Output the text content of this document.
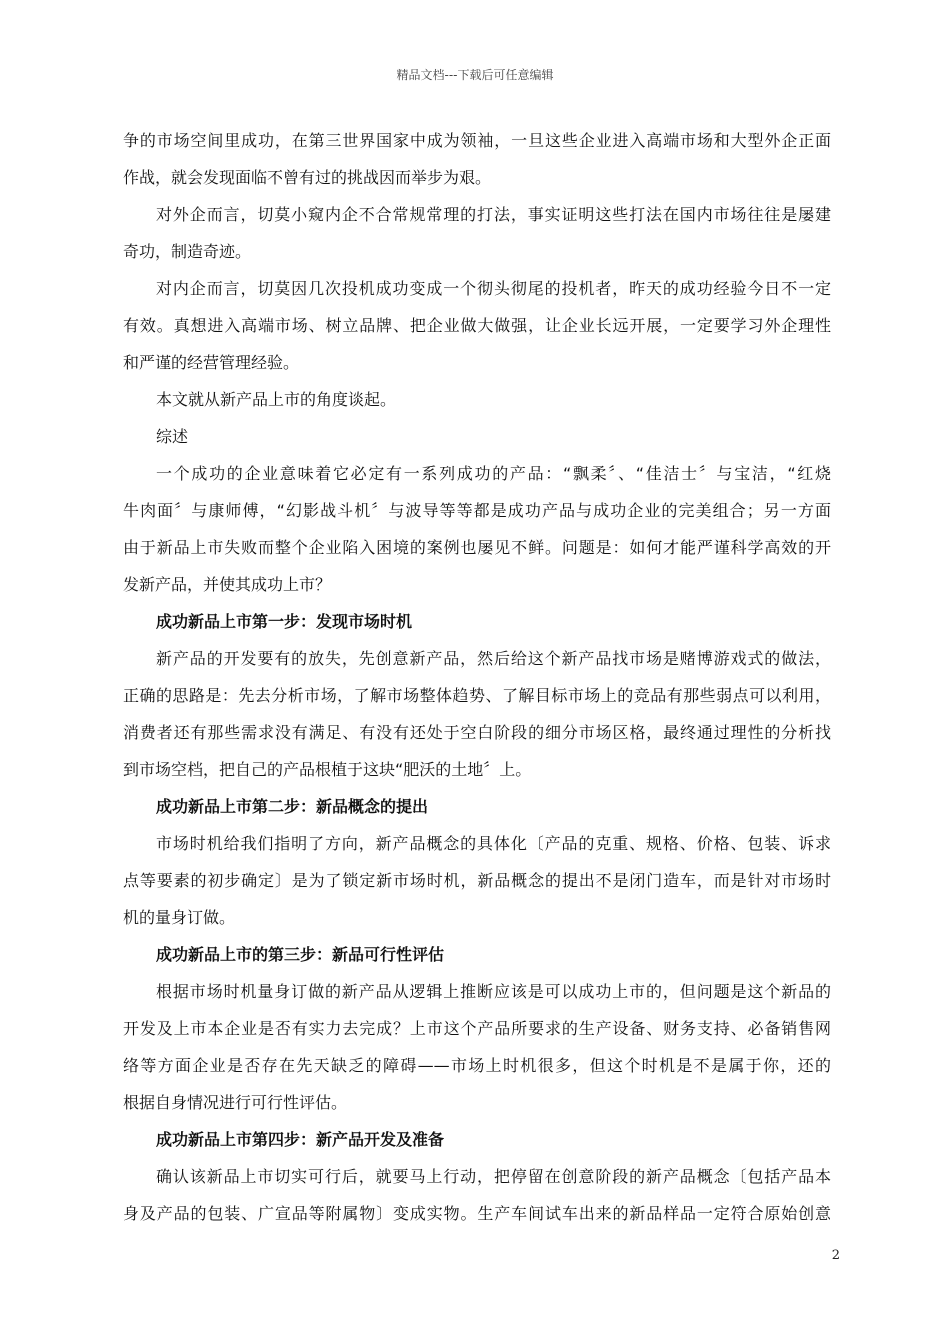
精品文档---下载后可任意编辑
争的市场空间里成功，在第三世界国家中成为领袖，一旦这些企业进入高端市场和大型外企正面
作战，就会发现面临不曾有过的挑战因而举步为艰。
对外企而言，切莫小窥内企不合常规常理的打法，事实证明这些打法在国内市场往往是屡建
奇功，制造奇迹。
对内企而言，切莫因几次投机成功变成一个彻头彻尾的投机者，昨天的成功经验今日不一定
有效。真想进入高端市场、树立品牌、把企业做大做强，让企业长远开展，一定要学习外企理性
和严谨的经营管理经验。
本文就从新产品上市的角度谈起。
综述
一个成功的企业意味着它必定有一系列成功的产品：“飘柔〞、“佳洁士〞与宝洁，“红烧
牛肉面〞与康师傅，“幻影战斗机〞与波导等等都是成功产品与成功企业的完美组合；另一方面
由于新品上市失败而整个企业陷入困境的案例也屡见不鲜。问题是：如何才能严谨科学高效的开
发新产品，并使其成功上市？
成功新品上市第一步：发现市场时机
新产品的开发要有的放失，先创意新产品，然后给这个新产品找市场是赌博游戏式的做法，
正确的思路是：先去分析市场，了解市场整体趋势、了解目标市场上的竞品有那些弱点可以利用，
消费者还有那些需求没有满足、有没有还处于空白阶段的细分市场区格，最终通过理性的分析找
到市场空档，把自己的产品根植于这块“肥沃的土地〞上。
成功新品上市第二步：新品概念的提出
市场时机给我们指明了方向，新产品概念的具体化〔产品的克重、规格、价格、包装、诉求
点等要素的初步确定〕是为了锁定新市场时机，新品概念的提出不是闭门造车，而是针对市场时
机的量身订做。
成功新品上市的第三步：新品可行性评估
根据市场时机量身订做的新产品从逻辑上推断应该是可以成功上市的，但问题是这个新品的
开发及上市本企业是否有实力去完成？上市这个产品所要求的生产设备、财务支持、必备销售网
络等方面企业是否存在先天缺乏的障碍——市场上时机很多，但这个时机是不是属于你，还的
根据自身情况进行可行性评估。
成功新品上市第四步：新产品开发及准备
确认该新品上市切实可行后，就要马上行动，把停留在创意阶段的新产品概念〔包括产品本
身及产品的包装、广宣品等附属物〕变成实物。生产车间试车出来的新品样品一定符合原始创意
2
